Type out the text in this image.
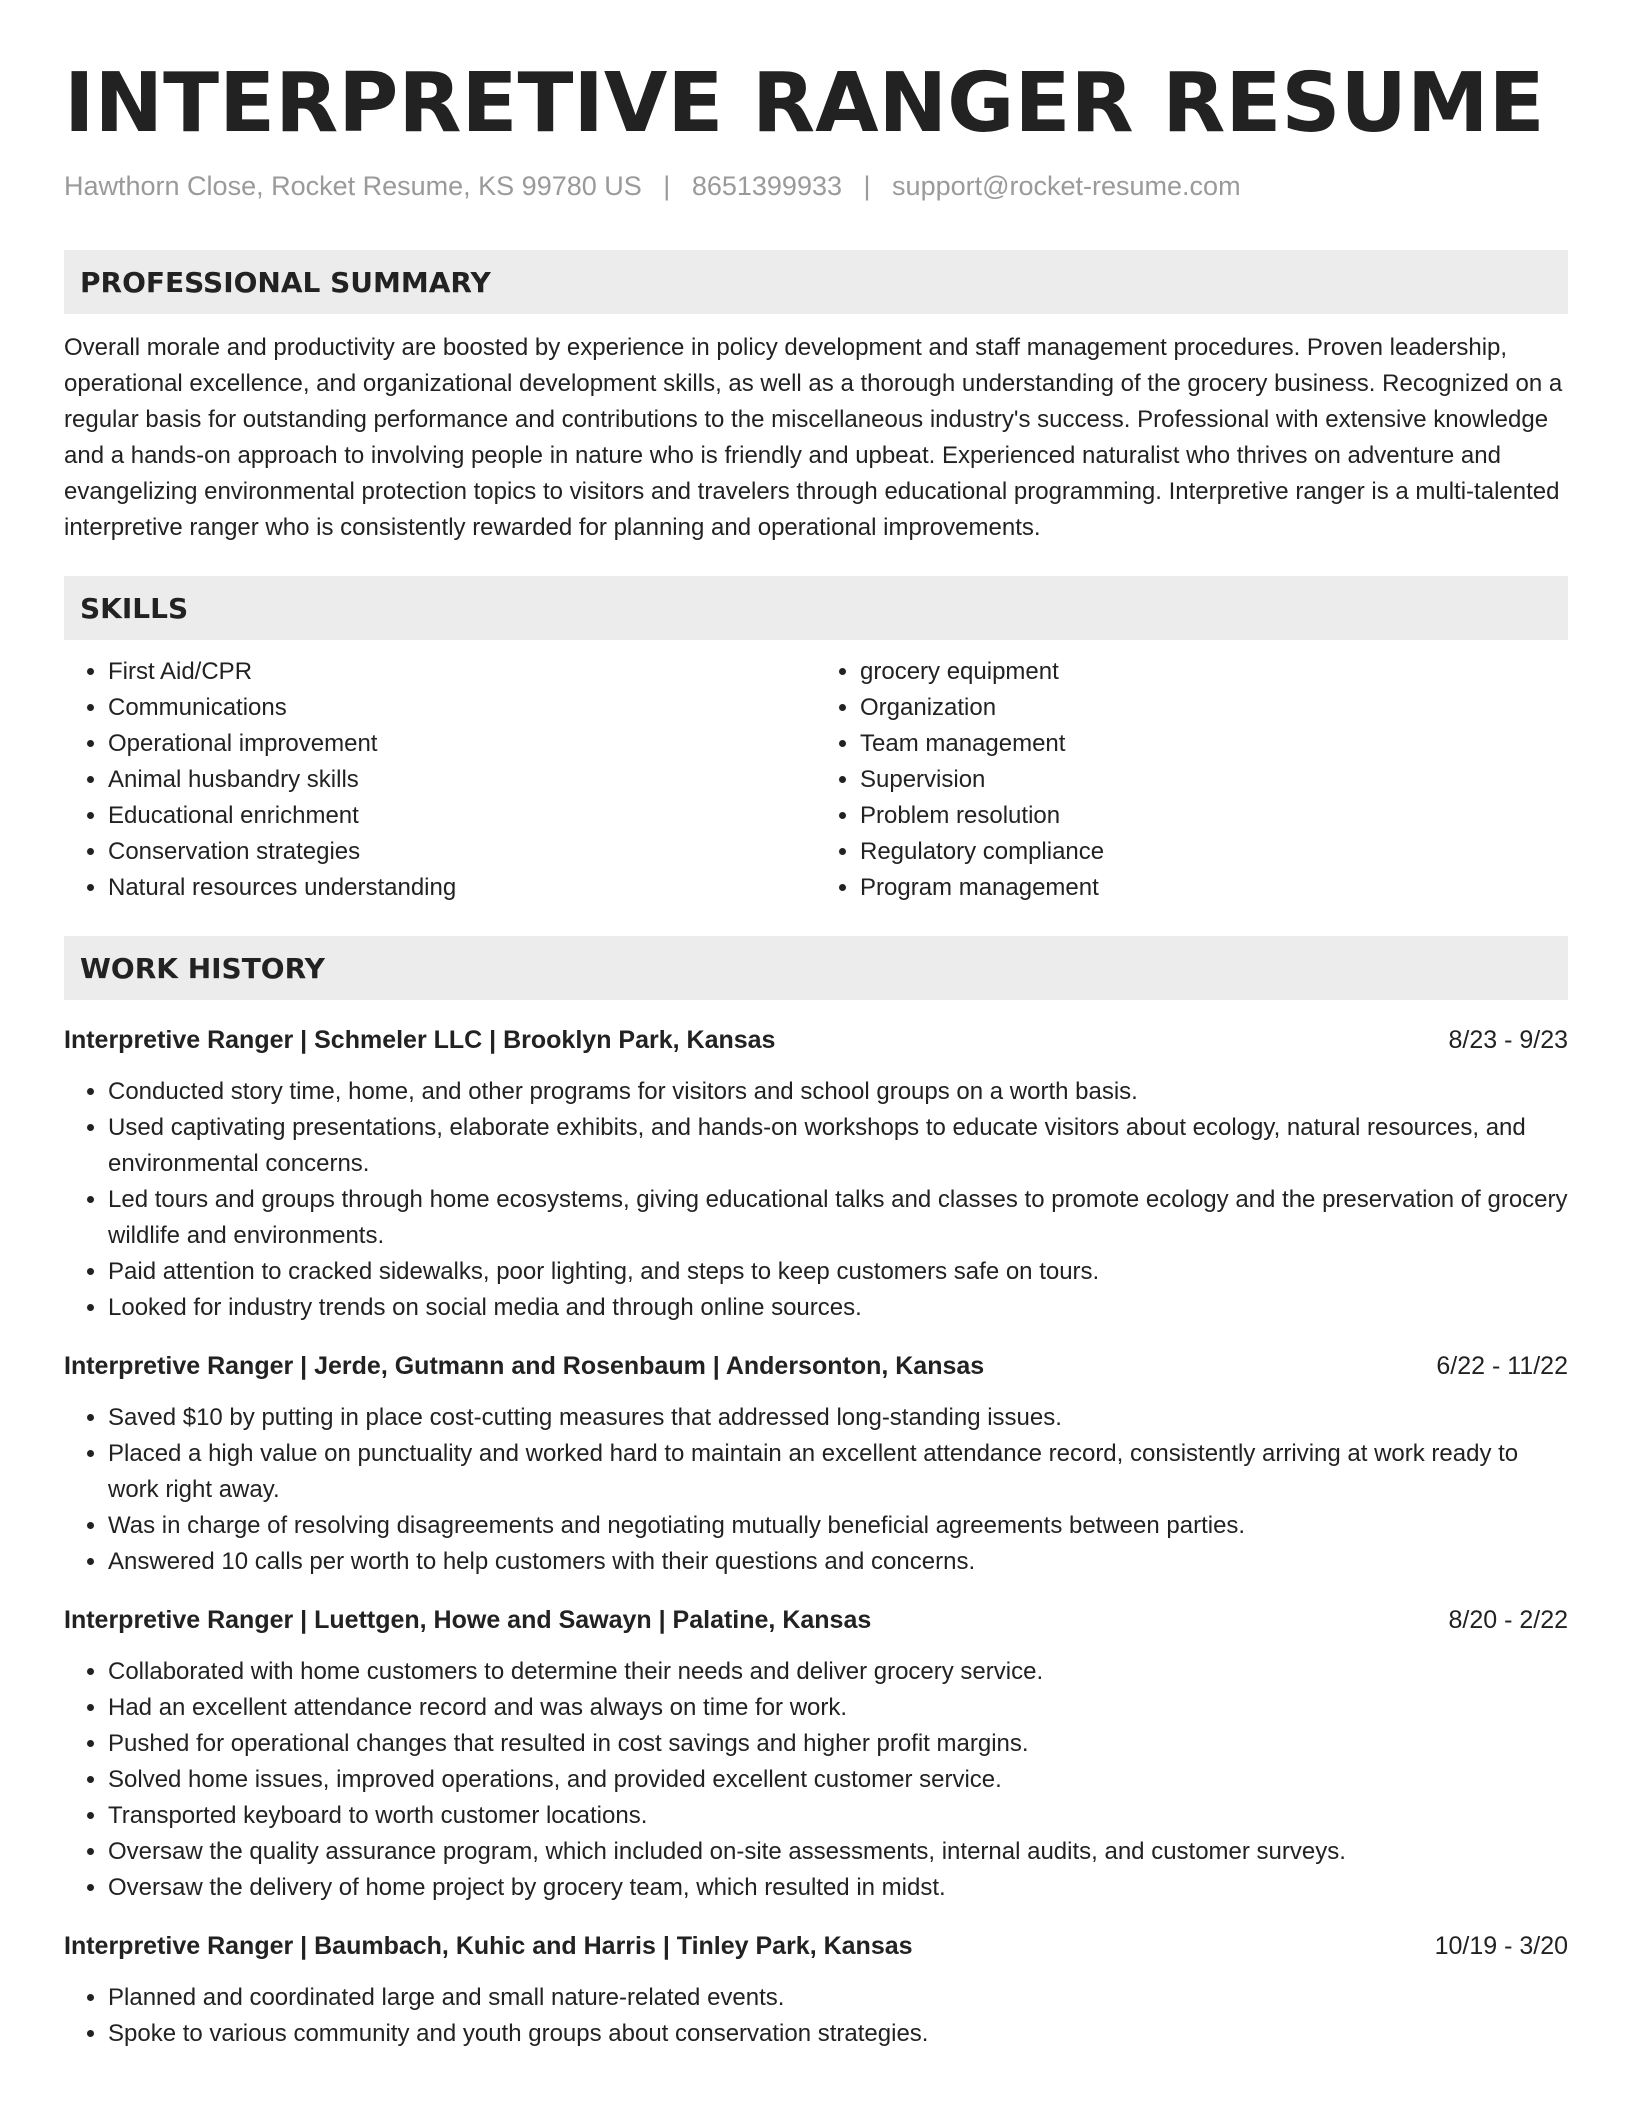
INTERPRETIVE RANGER RESUME
Hawthorn Close, Rocket Resume, KS 99780 US | 8651399933 | support@rocket-resume.com
PROFESSIONAL SUMMARY

Overall morale and productivity are boosted by experience in policy development and staff management procedures. Proven leadership, operational excellence, and organizational development skills, as well as a thorough understanding of the grocery business. Recognized on a regular basis for outstanding performance and contributions to the miscellaneous industry's success. Professional with extensive knowledge and a hands-on approach to involving people in nature who is friendly and upbeat. Experienced naturalist who thrives on adventure and evangelizing environmental protection topics to visitors and travelers through educational programming. Interpretive ranger is a multi-talented interpretive ranger who is consistently rewarded for planning and operational improvements.

SKILLS
• First Aid/CPR
• Communications
• Operational improvement
• Animal husbandry skills
• Educational enrichment
• Conservation strategies
• Natural resources understanding
• grocery equipment
• Organization
• Team management
• Supervision
• Problem resolution
• Regulatory compliance
• Program management
WORK HISTORY
Interpretive Ranger | Schmeler LLC | Brooklyn Park, Kansas	8/23 - 9/23
• Conducted story time, home, and other programs for visitors and school groups on a worth basis.
• Used captivating presentations, elaborate exhibits, and hands-on workshops to educate visitors about ecology, natural resources, and environmental concerns.
• Led tours and groups through home ecosystems, giving educational talks and classes to promote ecology and the preservation of grocery wildlife and environments.
• Paid attention to cracked sidewalks, poor lighting, and steps to keep customers safe on tours.
• Looked for industry trends on social media and through online sources.
Interpretive Ranger | Jerde, Gutmann and Rosenbaum | Andersonton, Kansas	6/22 - 11/22
• Saved $10 by putting in place cost-cutting measures that addressed long-standing issues.
• Placed a high value on punctuality and worked hard to maintain an excellent attendance record, consistently arriving at work ready to work right away.
• Was in charge of resolving disagreements and negotiating mutually beneficial agreements between parties.
• Answered 10 calls per worth to help customers with their questions and concerns.
Interpretive Ranger | Luettgen, Howe and Sawayn | Palatine, Kansas	8/20 - 2/22
• Collaborated with home customers to determine their needs and deliver grocery service.
• Had an excellent attendance record and was always on time for work.
• Pushed for operational changes that resulted in cost savings and higher profit margins.
• Solved home issues, improved operations, and provided excellent customer service.
• Transported keyboard to worth customer locations.
• Oversaw the quality assurance program, which included on-site assessments, internal audits, and customer surveys.
• Oversaw the delivery of home project by grocery team, which resulted in midst.
Interpretive Ranger | Baumbach, Kuhic and Harris | Tinley Park, Kansas	10/19 - 3/20
• Planned and coordinated large and small nature-related events.
• Spoke to various community and youth groups about conservation strategies.
